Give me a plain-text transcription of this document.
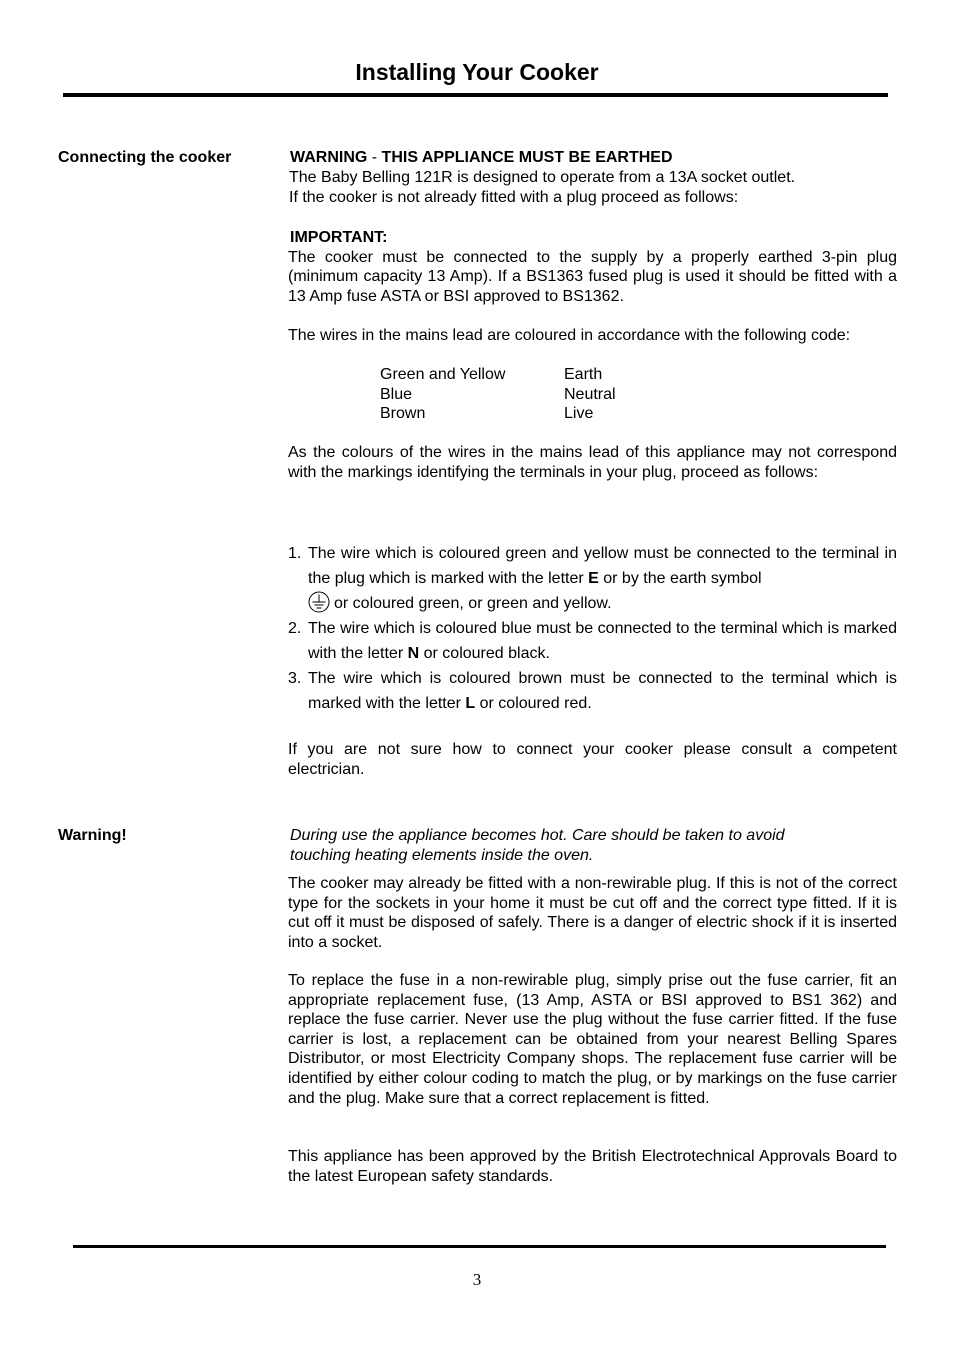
Installing Your Cooker
Connecting the cooker	WARNING - THIS APPLIANCE MUST BE EARTHED

The Baby Belling 121R is designed to operate from a 13A socket outlet.

If the cooker is not already fitted with a plug proceed as follows:

IMPORTANT:

The cooker must be connected to the supply by a properly earthed 3-pin plug (minimum capacity 13 Amp). If a BS1363 fused plug is used it should be fitted with a 13 Amp fuse ASTA or BSI approved to BS1362.

The wires in the mains lead are coloured in accordance with the following code:
Green and Yellow	Earth
Blue	Neutral
Brown	Live
As the colours of the wires in the mains lead of this appliance may not correspond with the markings identifying the terminals in your plug, proceed as follows:
1. The wire which is coloured green and yellow must be connected to the terminal in the plug which is marked with the letter E or by the earth symbol
or coloured green, or green and yellow.
2. The wire which is coloured blue must be connected to the terminal which is marked with the letter N or coloured black.
3. The wire which is coloured brown must be connected to the terminal which is marked with the letter L or coloured red.
If you are not sure how to connect your cooker please consult a competent electrician.
Warning!	During use the appliance becomes hot. Care should be taken to avoid

touching heating elements inside the oven.

The cooker may already be fitted with a non-rewirable plug. If this is not of the correct type for the sockets in your home it must be cut off and the correct type fitted. If it is cut off it must be disposed of safely. There is a danger of electric shock if it is inserted into a socket.
To replace the fuse in a non-rewirable plug, simply prise out the fuse carrier, fit an appropriate replacement fuse, (13 Amp, ASTA or BSI approved to BS1 362) and replace the fuse carrier. Never use the plug without the fuse carrier fitted. If the fuse carrier is lost, a replacement can be obtained from your nearest Belling Spares Distributor, or most Electricity Company shops. The replacement fuse carrier will be identified by either colour coding to match the plug, or by markings on the fuse carrier and the plug. Make sure that a correct replacement is fitted.
This appliance has been approved by the British Electrotechnical Approvals Board to the latest European safety standards.
3
